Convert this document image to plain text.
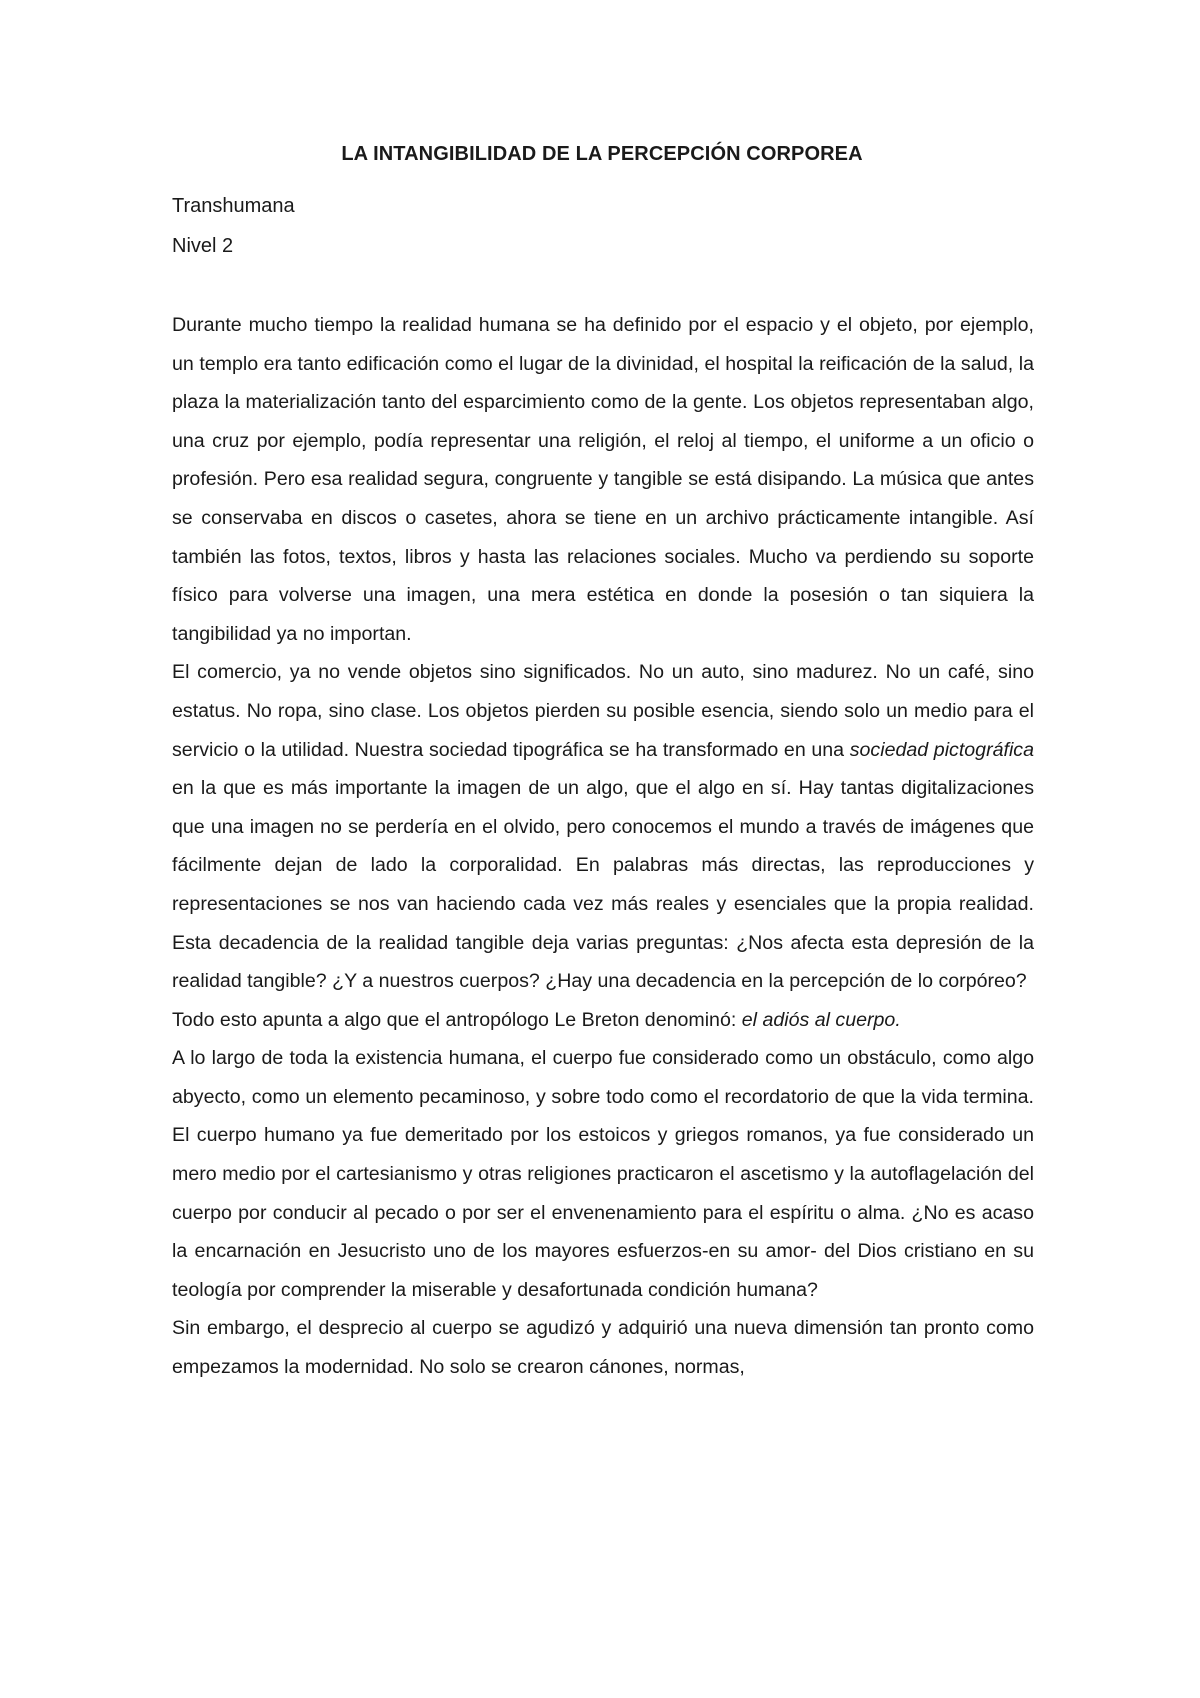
LA INTANGIBILIDAD DE LA PERCEPCIÓN CORPOREA
Transhumana
Nivel 2

Durante mucho tiempo la realidad humana se ha definido por el espacio y el objeto, por ejemplo, un templo era tanto edificación como el lugar de la divinidad, el hospital la reificación de la salud, la plaza la materialización tanto del esparcimiento como de la gente. Los objetos representaban algo, una cruz por ejemplo, podía representar una religión, el reloj al tiempo, el uniforme a un oficio o profesión. Pero esa realidad segura, congruente y tangible se está disipando. La música que antes se conservaba en discos o casetes, ahora se tiene en un archivo prácticamente intangible. Así también las fotos, textos, libros y hasta las relaciones sociales. Mucho va perdiendo su soporte físico para volverse una imagen, una mera estética en donde la posesión o tan siquiera la tangibilidad ya no importan.

El comercio, ya no vende objetos sino significados. No un auto, sino madurez. No un café, sino estatus. No ropa, sino clase. Los objetos pierden su posible esencia, siendo solo un medio para el servicio o la utilidad. Nuestra sociedad tipográfica se ha transformado en una sociedad pictográfica en la que es más importante la imagen de un algo, que el algo en sí. Hay tantas digitalizaciones que una imagen no se perdería en el olvido, pero conocemos el mundo a través de imágenes que fácilmente dejan de lado la corporalidad. En palabras más directas, las reproducciones y representaciones se nos van haciendo cada vez más reales y esenciales que la propia realidad. Esta decadencia de la realidad tangible deja varias preguntas: ¿Nos afecta esta depresión de la realidad tangible? ¿Y a nuestros cuerpos? ¿Hay una decadencia en la percepción de lo corpóreo?

Todo esto apunta a algo que el antropólogo Le Breton denominó: el adiós al cuerpo.

A lo largo de toda la existencia humana, el cuerpo fue considerado como un obstáculo, como algo abyecto, como un elemento pecaminoso, y sobre todo como el recordatorio de que la vida termina. El cuerpo humano ya fue demeritado por los estoicos y griegos romanos, ya fue considerado un mero medio por el cartesianismo y otras religiones practicaron el ascetismo y la autoflagelación del cuerpo por conducir al pecado o por ser el envenenamiento para el espíritu o alma. ¿No es acaso la encarnación en Jesucristo uno de los mayores esfuerzos-en su amor- del Dios cristiano en su teología por comprender la miserable y desafortunada condición humana?

Sin embargo, el desprecio al cuerpo se agudizó y adquirió una nueva dimensión tan pronto como empezamos la modernidad. No solo se crearon cánones, normas,
